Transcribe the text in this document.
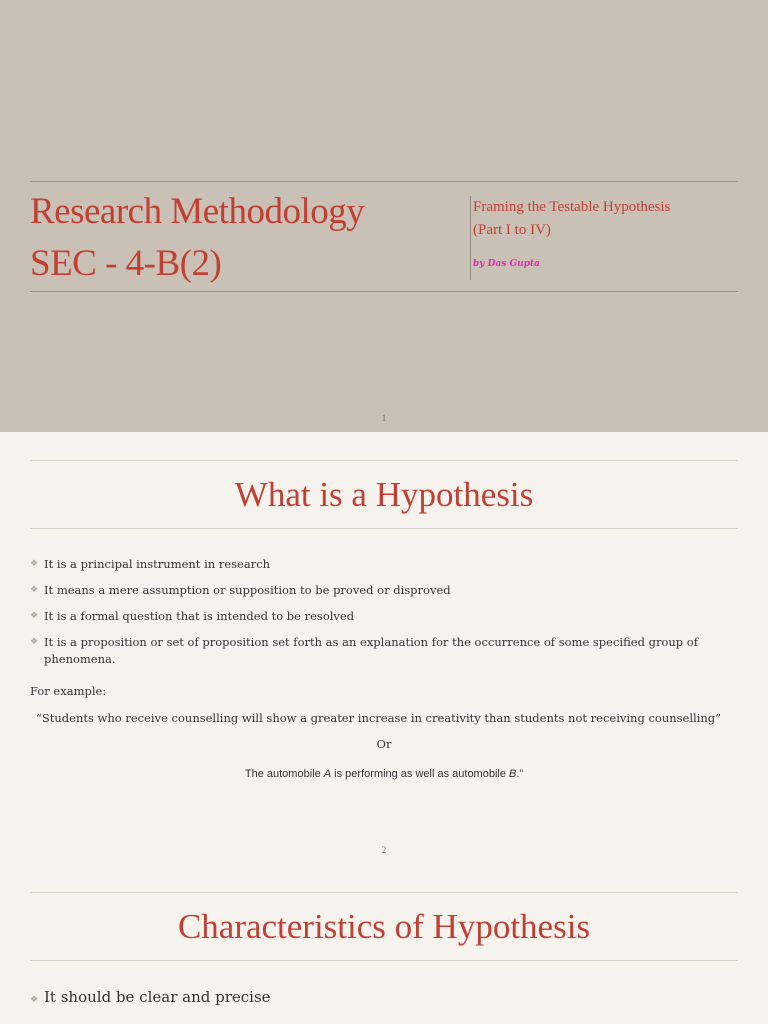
Research Methodology
SEC - 4-B(2)
Framing the Testable Hypothesis
(Part I to IV)
by Das Gupta
1
What is a Hypothesis
❖ It is a principal instrument in research
❖ It means a mere assumption or supposition to be proved or disproved
❖ It is a formal question that is intended to be resolved
❖ It is a proposition or set of proposition set forth as an explanation for the occurrence of some specified group of phenomena.
For example:
“Students who receive counselling will show a greater increase in creativity than students not receiving counselling”
Or
The automobile A is performing as well as automobile B.”
2
Characteristics of Hypothesis
❖ It should be clear and precise
